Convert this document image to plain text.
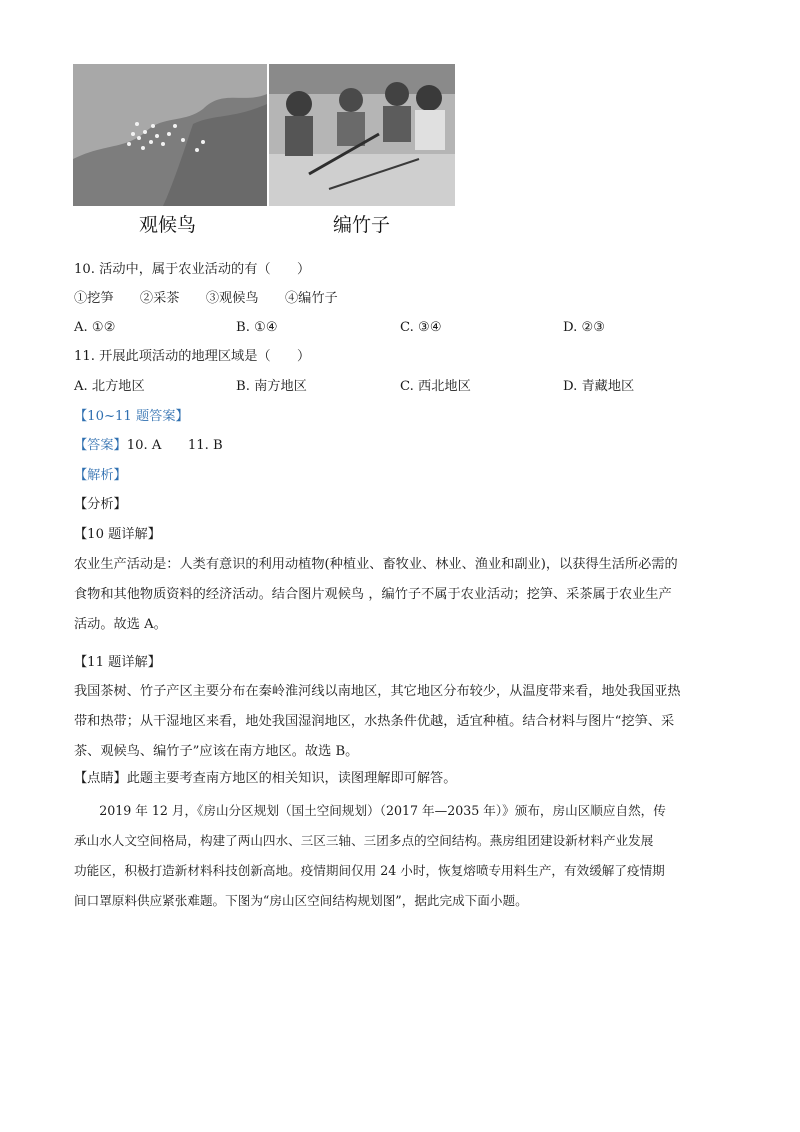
观候鸟	编竹子
10. 活动中，属于农业活动的有（　　）
①挖笋　　②采茶　　③观候鸟　　④编竹子
A. ①②	B. ①④	C. ③④	D. ②③
11. 开展此项活动的地理区域是（　　）
A. 北方地区	B. 南方地区	C. 西北地区	D. 青藏地区
【10~11 题答案】
【答案】10. A　　11. B
【解析】
【分析】
【10 题详解】
农业生产活动是：人类有意识的利用动植物(种植业、畜牧业、林业、渔业和副业)，以获得生活所必需的
食物和其他物质资料的经济活动。结合图片观候鸟 ，编竹子不属于农业活动；挖笋、采茶属于农业生产
活动。故选 A。
【11 题详解】
我国茶树、竹子产区主要分布在秦岭淮河线以南地区，其它地区分布较少，从温度带来看，地处我国亚热
带和热带；从干湿地区来看，地处我国湿润地区，水热条件优越，适宜种植。结合材料与图片“挖笋、采
茶、观候鸟、编竹子”应该在南方地区。故选 B。
【点睛】此题主要考查南方地区的相关知识，读图理解即可解答。
　　2019 年 12 月，《房山分区规划（国土空间规划）（2017 年—2035 年）》颁布，房山区顺应自然，传
承山水人文空间格局，构建了两山四水、三区三轴、三团多点的空间结构。燕房组团建设新材料产业发展
功能区，积极打造新材料科技创新高地。疫情期间仅用 24 小时，恢复熔喷专用料生产，有效缓解了疫情期
间口罩原料供应紧张难题。下图为“房山区空间结构规划图”，据此完成下面小题。
